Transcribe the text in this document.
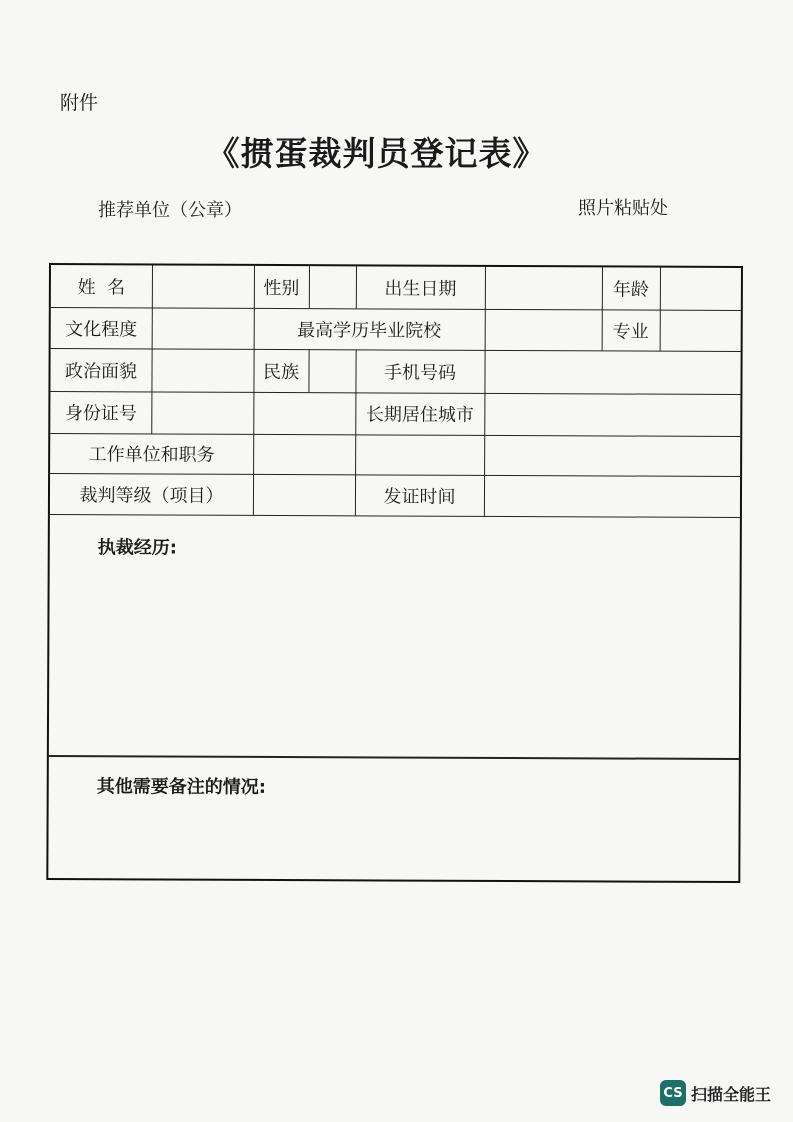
附件
《掼蛋裁判员登记表》
推荐单位（公章）	照片粘贴处
姓  名	性别	出生日期	年龄
文化程度	最高学历毕业院校	专业
政治面貌	民族	手机号码
身份证号	长期居住城市
工作单位和职务
裁判等级（项目）	发证时间
执裁经历:
其他需要备注的情况:
CS 扫描全能王
